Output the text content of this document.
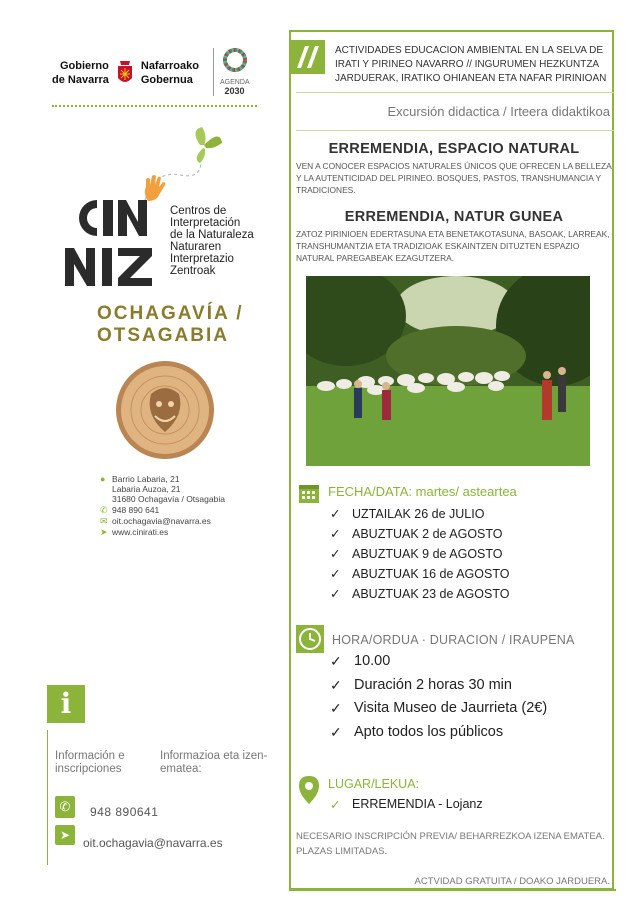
Gobierno
de Navarra
Nafarroako
Gobernua	AGENDA
2030
Centros de
Interpretación
de la Naturaleza
Naturaren
Interpretazio
Zentroak
OCHAGAVÍA / OTSAGABIA
● Barrio Labaria, 21
Labaria Auzoa, 21
31680 Ochagavía / Otsagabia
✆ 948 890 641
✉ oit.ochagavia@navarra.es
➤ www.cinirati.es
i
Información e inscripciones
Informazioa eta izen-ematea:
✆	948 890641
➤
oit.ochagavia@navarra.es
ACTIVIDADES EDUCACION AMBIENTAL EN LA SELVA DE IRATI Y PIRINEO NAVARRO // INGURUMEN HEZKUNTZA JARDUERAK, IRATIKO OHIANEAN ETA NAFAR PIRINIOAN
Excursión didactica / Irteera didaktikoa
ERREMENDIA, ESPACIO NATURAL
VEN A CONOCER ESPACIOS NATURALES ÚNICOS QUE OFRECEN LA BELLEZA Y LA AUTENTICIDAD DEL PIRINEO. BOSQUES, PASTOS, TRANSHUMANCIA Y TRADICIONES.
ERREMENDIA, NATUR GUNEA
ZATOZ PIRINIOEN EDERTASUNA ETA BENETAKOTASUNA, BASOAK, LARREAK, TRANSHUMANTZIA ETA TRADIZIOAK ESKAINTZEN DITUZTEN ESPAZIO NATURAL PAREGABEAK EZAGUTZERA.
FECHA/DATA: martes/ asteartea
✓ UZTAILAK 26 de JULIO
✓ ABUZTUAK 2 de AGOSTO
✓ ABUZTUAK 9 de AGOSTO
✓ ABUZTUAK 16 de AGOSTO
✓ ABUZTUAK 23 de AGOSTO
HORA/ORDUA · DURACION / IRAUPENA
✓ 10.00
✓ Duración 2 horas 30 min
✓ Visita Museo de Jaurrieta (2€)
✓ Apto todos los públicos
LUGAR/LEKUA:
✓ ERREMENDIA - Lojanz
NECESARIO INSCRIPCIÓN PREVIA/ BEHARREZKOA IZENA EMATEA. PLAZAS LIMITADAS.
ACTVIDAD GRATUITA / DOAKO JARDUERA.
